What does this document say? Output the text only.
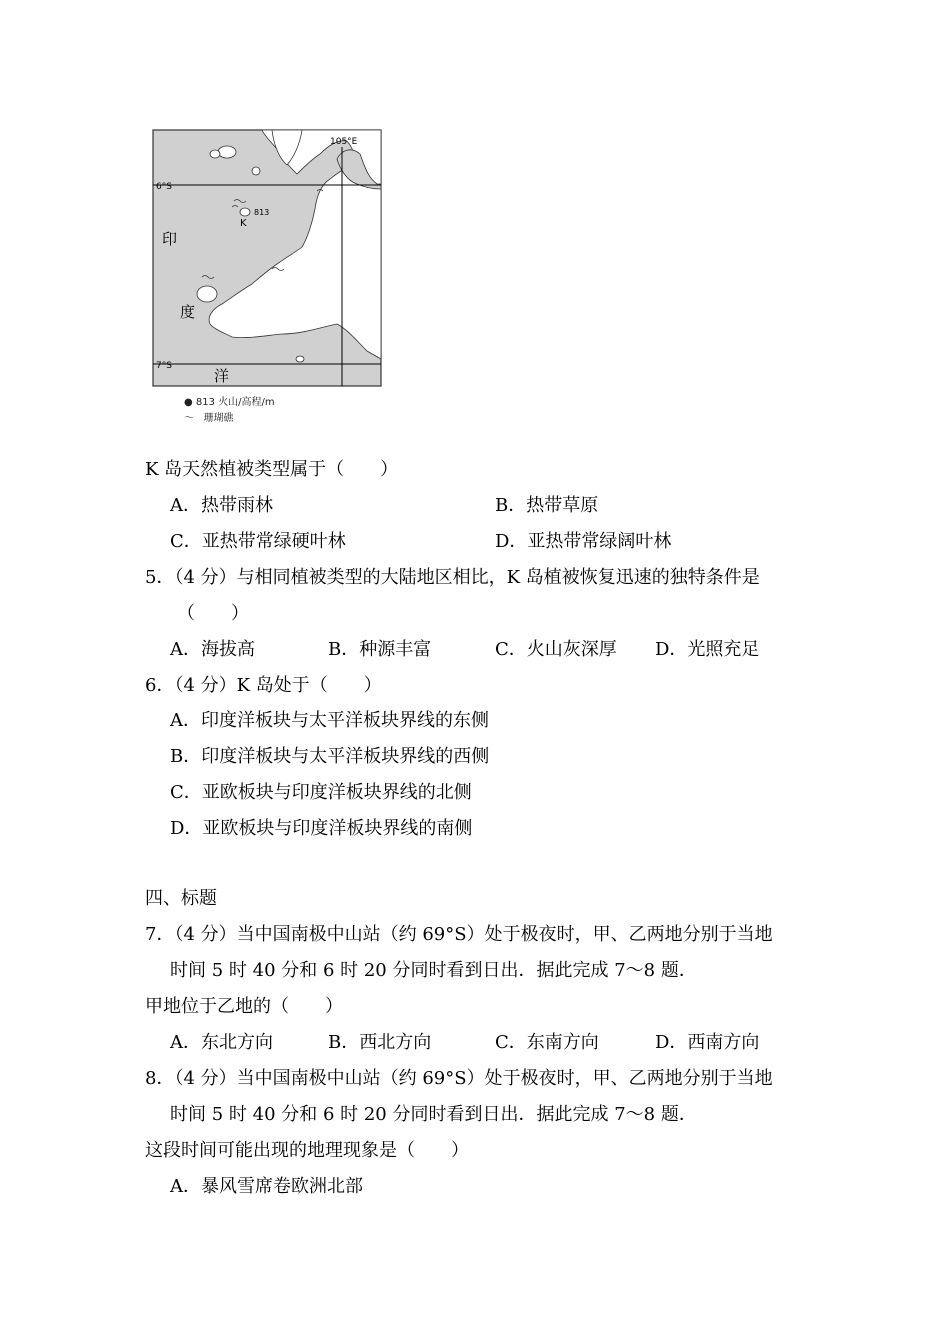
105°E
6°S
7°S
813
K
印
度
洋
● 813 火山/高程/m
〜 珊瑚礁
K 岛天然植被类型属于（　　）
A．热带雨林	B．热带草原
C．亚热带常绿硬叶林	D．亚热带常绿阔叶林
5．（4 分）与相同植被类型的大陆地区相比，K 岛植被恢复迅速的独特条件是
（　　）
A．海拔高	B．种源丰富	C．火山灰深厚 D．光照充足
6．（4 分）K 岛处于（　　）
A．印度洋板块与太平洋板块界线的东侧
B．印度洋板块与太平洋板块界线的西侧
C．亚欧板块与印度洋板块界线的北侧
D．亚欧板块与印度洋板块界线的南侧
四、标题
7．（4 分）当中国南极中山站（约 69°S）处于极夜时，甲、乙两地分别于当地
时间 5 时 40 分和 6 时 20 分同时看到日出．据此完成 7～8 题．
甲地位于乙地的（　　）
A．东北方向	B．西北方向	C．东南方向	D．西南方向
8．（4 分）当中国南极中山站（约 69°S）处于极夜时，甲、乙两地分别于当地
时间 5 时 40 分和 6 时 20 分同时看到日出．据此完成 7～8 题．
这段时间可能出现的地理现象是（　　）
A．暴风雪席卷欧洲北部
